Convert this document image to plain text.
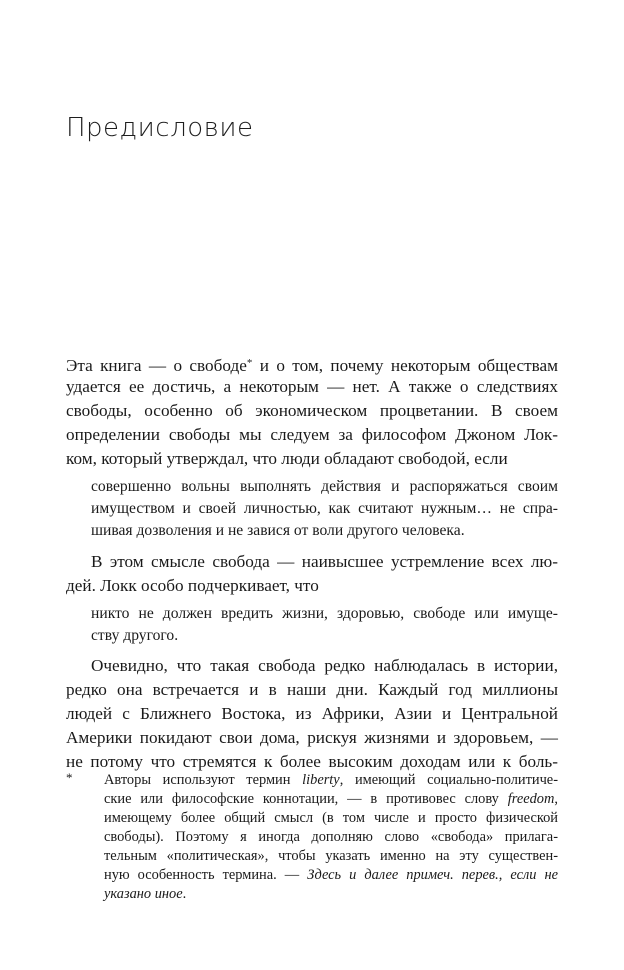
Предисловие

Эта книга — о свободе* и о том, почему некоторым обществам

удается ее достичь, а некоторым — нет. А также о следствиях

свободы, особенно об экономическом процветании. В своем

определении свободы мы следуем за философом Джоном Лок-

ком, который утверждал, что люди обладают свободой, если

совершенно вольны выполнять действия и распоряжаться своим

имуществом и своей личностью, как считают нужным… не спра-

шивая дозволения и не завися от воли другого человека.

В этом смысле свобода — наивысшее устремление всех лю-

дей. Локк особо подчеркивает, что

никто не должен вредить жизни, здоровью, свободе или имуще-

ству другого.

Очевидно, что такая свобода редко наблюдалась в истории,

редко она встречается и в наши дни. Каждый год миллионы

людей с Ближнего Востока, из Африки, Азии и Центральной

Америки покидают свои дома, рискуя жизнями и здоровьем, —

не потому что стремятся к более высоким доходам или к боль-

* Авторы используют термин liberty, имеющий социально-политиче-

ские или философские коннотации, — в противовес слову freedom,

имеющему более общий смысл (в том числе и просто физической

свободы). Поэтому я иногда дополняю слово «свобода» прилага-

тельным «политическая», чтобы указать именно на эту существен-

ную особенность термина. — Здесь и далее примеч. перев., если не

указано иное.
